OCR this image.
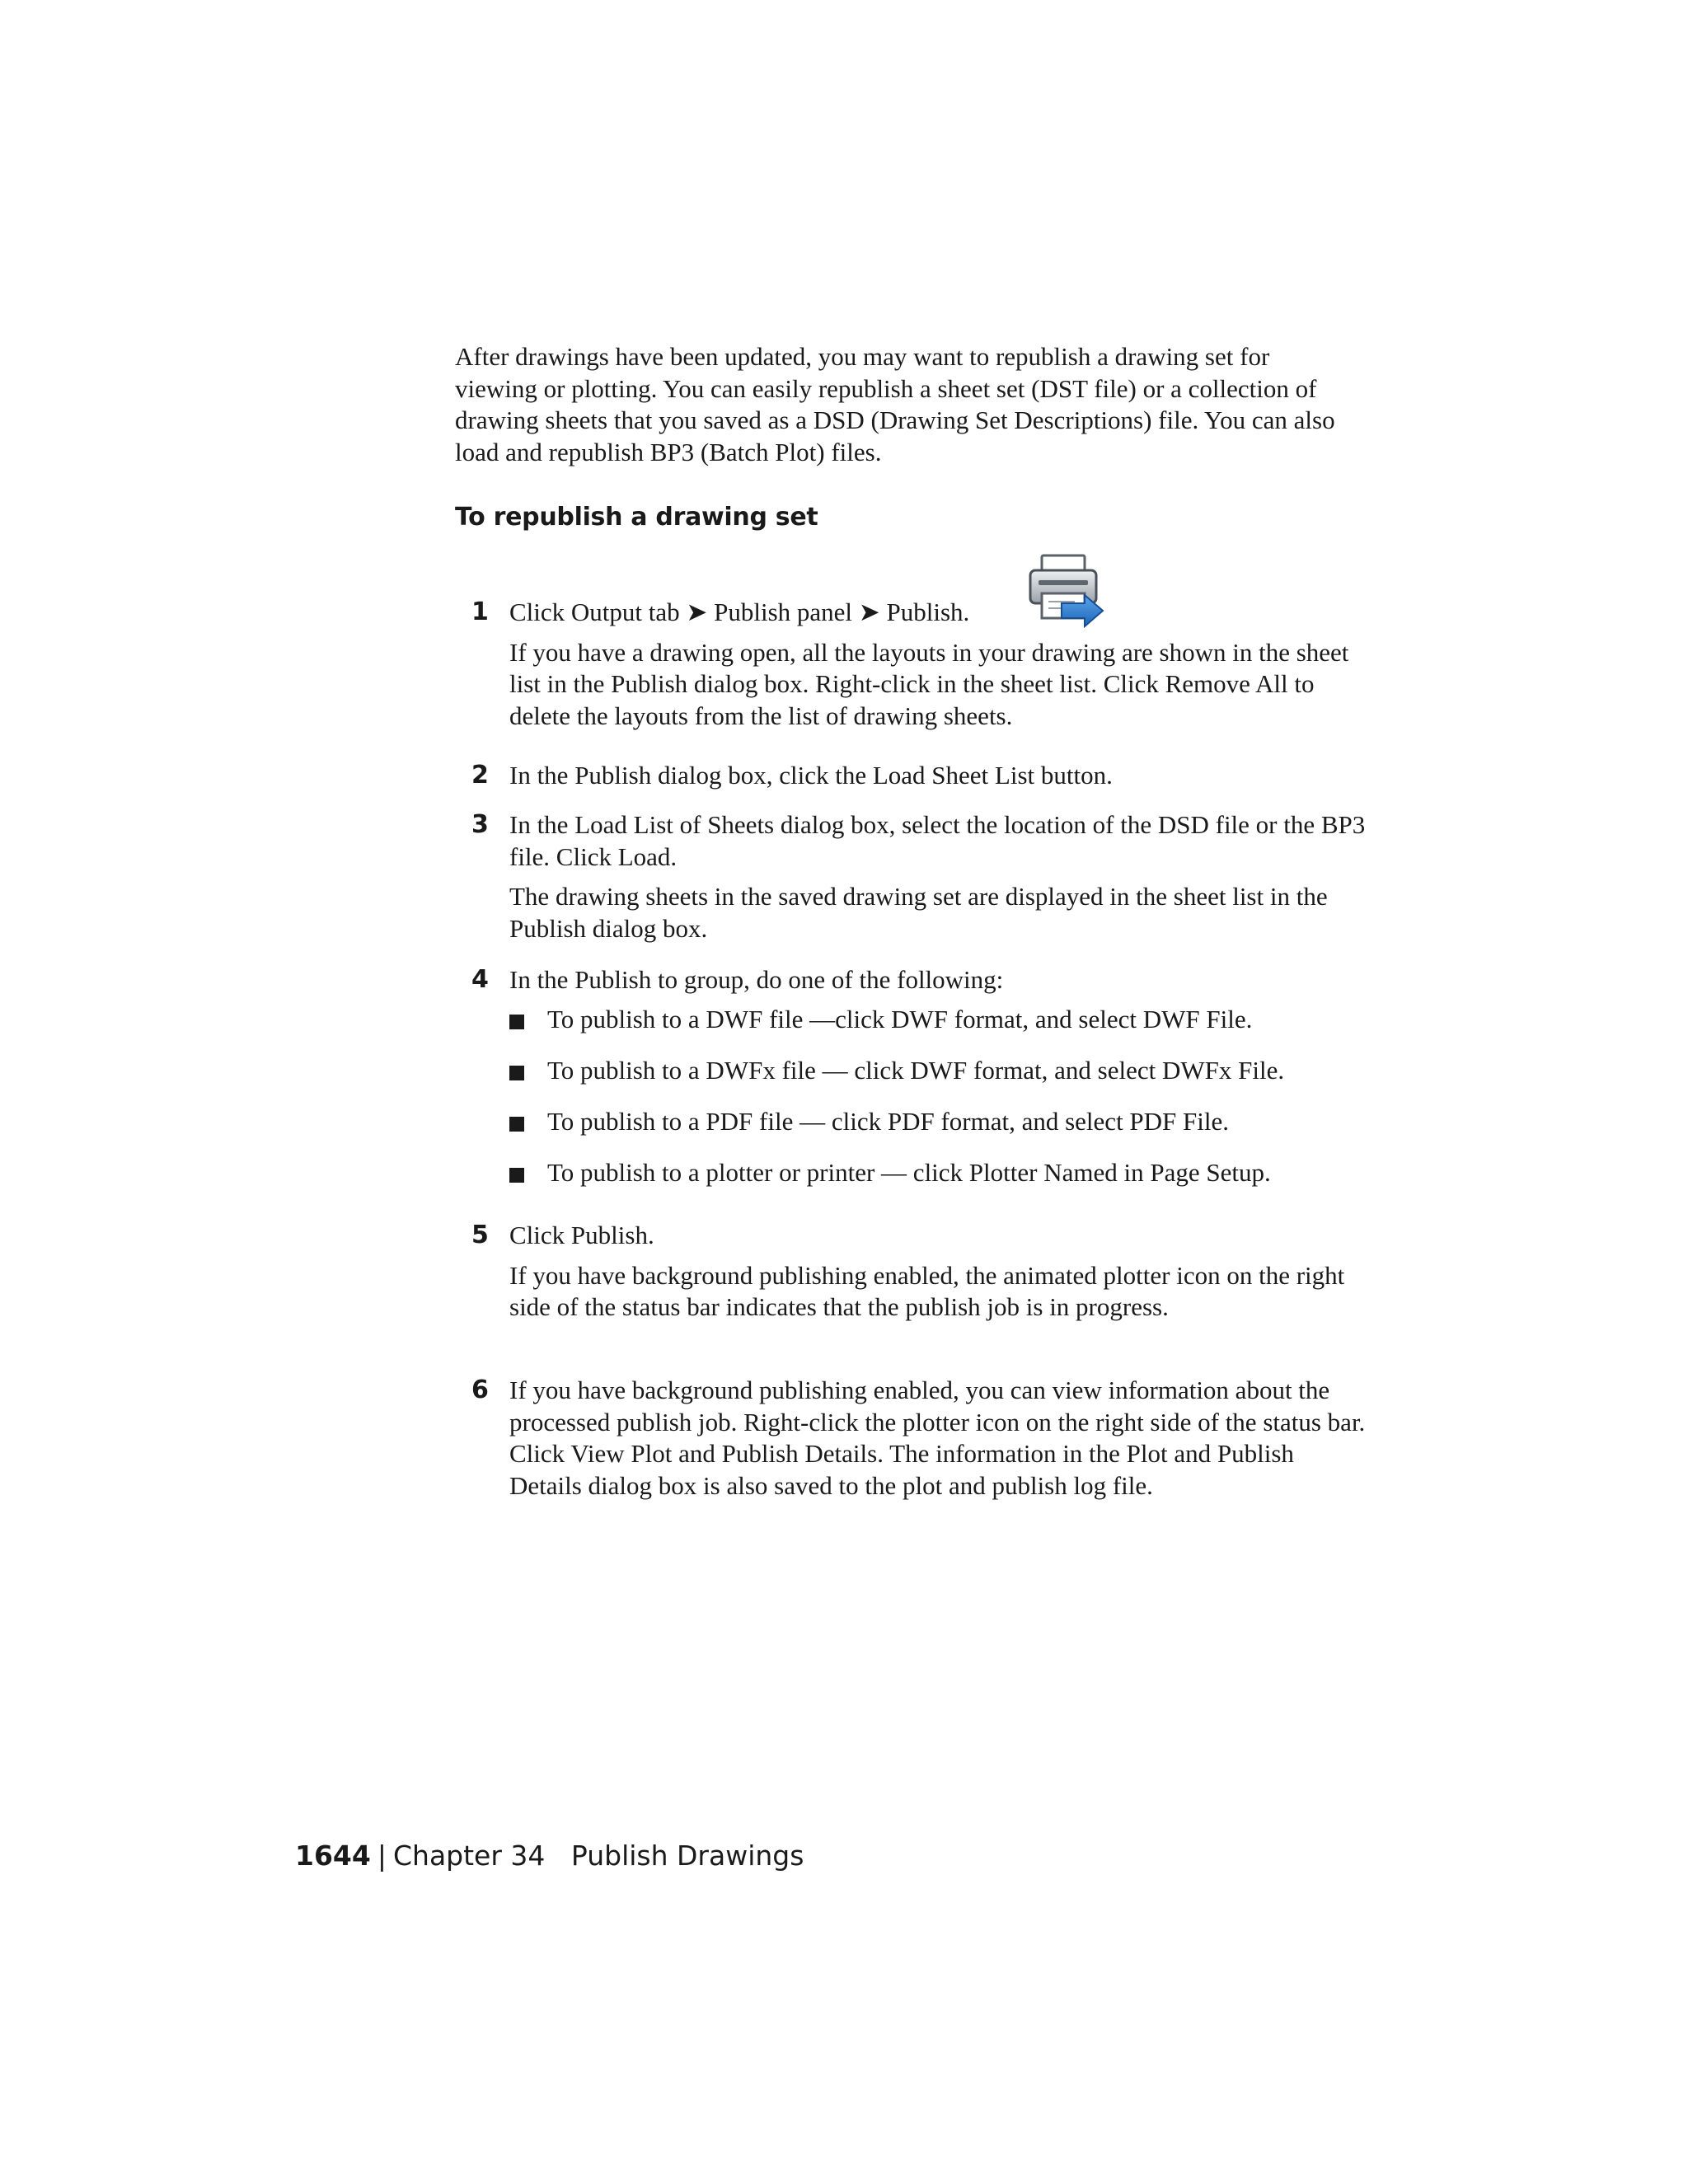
After drawings have been updated, you may want to republish a drawing set for viewing or plotting. You can easily republish a sheet set (DST file) or a collection of drawing sheets that you saved as a DSD (Drawing Set Descriptions) file. You can also load and republish BP3 (Batch Plot) files.

To republish a drawing set
1 Click Output tab ➤ Publish panel ➤ Publish.

If you have a drawing open, all the layouts in your drawing are shown in the sheet list in the Publish dialog box. Right-click in the sheet list. Click Remove All to delete the layouts from the list of drawing sheets.

2 In the Publish dialog box, click the Load Sheet List button.

3 In the Load List of Sheets dialog box, select the location of the DSD file or the BP3 file. Click Load.

The drawing sheets in the saved drawing set are displayed in the sheet list in the Publish dialog box.

4 In the Publish to group, do one of the following:

To publish to a DWF file —click DWF format, and select DWF File.
To publish to a DWFx file — click DWF format, and select DWFx File.
To publish to a PDF file — click PDF format, and select PDF File.
To publish to a plotter or printer — click Plotter Named in Page Setup.
5 Click Publish.

If you have background publishing enabled, the animated plotter icon on the right side of the status bar indicates that the publish job is in progress.

6 If you have background publishing enabled, you can view information about the processed publish job. Right-click the plotter icon on the right side of the status bar. Click View Plot and Publish Details. The information in the Plot and Publish Details dialog box is also saved to the plot and publish log file.

1644 | Chapter 34 Publish Drawings
